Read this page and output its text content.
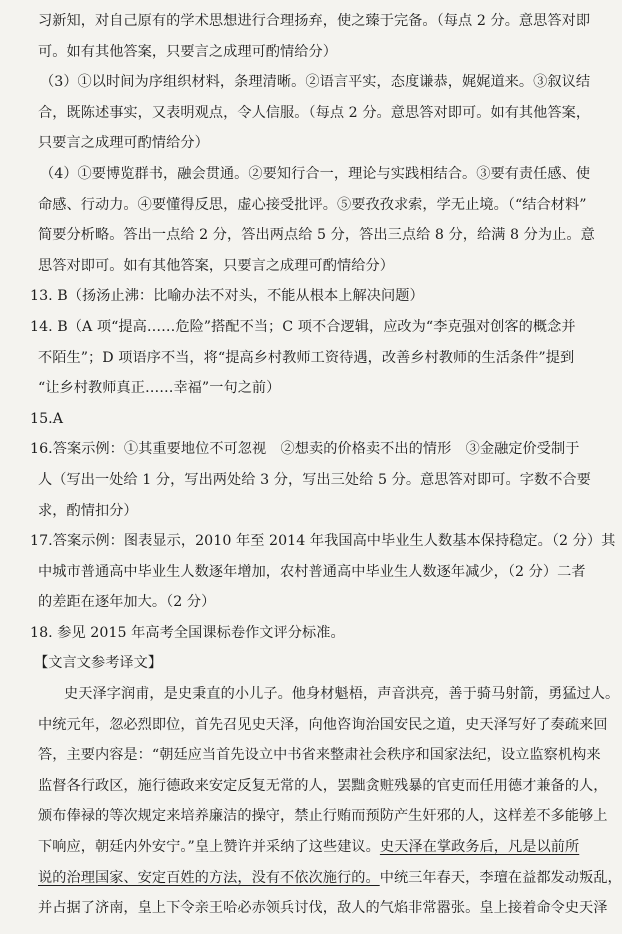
习新知，对自己原有的学术思想进行合理扬弃，使之臻于完备。（每点 2 分。意思答对即
可。如有其他答案，只要言之成理可酌情给分）
（3）①以时间为序组织材料，条理清晰。②语言平实，态度谦恭，娓娓道来。③叙议结
合，既陈述事实，又表明观点，令人信服。（每点 2 分。意思答对即可。如有其他答案，
只要言之成理可酌情给分）
（4）①要博览群书，融会贯通。②要知行合一，理论与实践相结合。③要有责任感、使
命感、行动力。④要懂得反思，虚心接受批评。⑤要孜孜求索，学无止境。（“结合材料”
简要分析略。答出一点给 2 分，答出两点给 5 分，答出三点给 8 分，给满 8 分为止。意
思答对即可。如有其他答案，只要言之成理可酌情给分）
13. B（扬汤止沸：比喻办法不对头，不能从根本上解决问题）
14. B（A 项“提高……危险”搭配不当；C 项不合逻辑，应改为“李克强对创客的概念并
不陌生”；D 项语序不当，将“提高乡村教师工资待遇，改善乡村教师的生活条件”提到
“让乡村教师真正……幸福”一句之前）
15.A
16.答案示例：①其重要地位不可忽视　②想卖的价格卖不出的情形　③金融定价受制于
人（写出一处给 1 分，写出两处给 3 分，写出三处给 5 分。意思答对即可。字数不合要
求，酌情扣分）
17.答案示例：图表显示，2010 年至 2014 年我国高中毕业生人数基本保持稳定。（2 分）其
中城市普通高中毕业生人数逐年增加，农村普通高中毕业生人数逐年减少，（2 分）二者
的差距在逐年加大。（2 分）
18. 参见 2015 年高考全国课标卷作文评分标准。
【文言文参考译文】
史天泽字润甫，是史秉直的小儿子。他身材魁梧，声音洪亮，善于骑马射箭，勇猛过人。
中统元年，忽必烈即位，首先召见史天泽，向他咨询治国安民之道，史天泽写好了奏疏来回
答，主要内容是：“朝廷应当首先设立中书省来整肃社会秩序和国家法纪，设立监察机构来
监督各行政区，施行德政来安定反复无常的人，罢黜贪赃残暴的官吏而任用德才兼备的人，
颁布俸禄的等次规定来培养廉洁的操守，禁止行贿而预防产生奸邪的人，这样差不多能够上
下响应，朝廷内外安宁。”皇上赞许并采纳了这些建议。史天泽在掌政务后，凡是以前所
说的治理国家、安定百姓的方法，没有不依次施行的。中统三年春天，李璮在益都发动叛乱，
并占据了济南，皇上下令亲王哈必赤领兵讨伐，敌人的气焰非常嚣张。皇上接着命令史天泽
